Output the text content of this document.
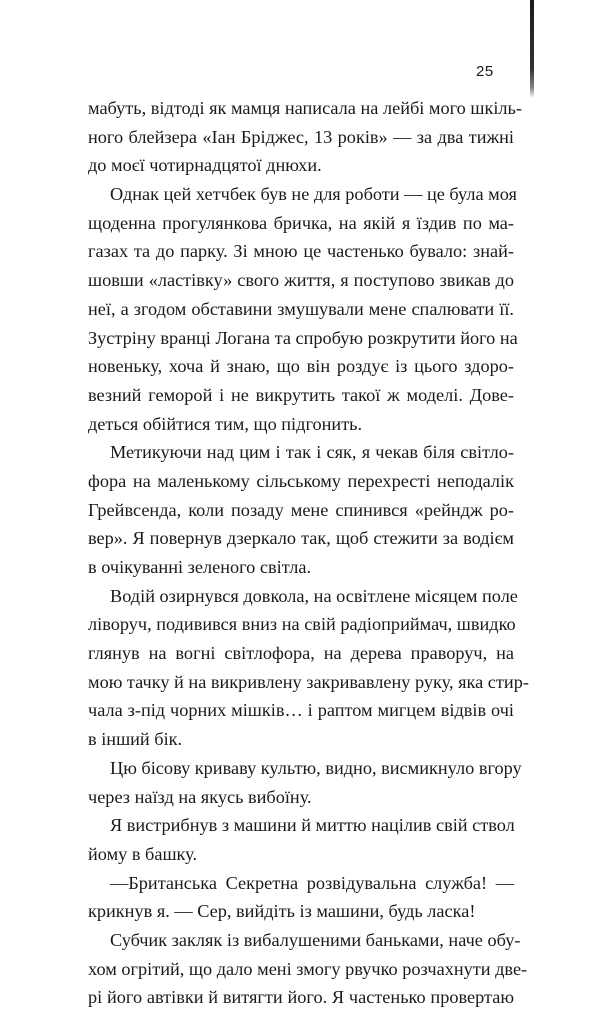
25
мабуть, відтоді як мамця написала на лейбі мого шкіль-
ного блейзера «Іан Бріджес, 13 років» — за два тижні
до моєї чотирнадцятої днюхи.
Однак цей хетчбек був не для роботи — це була моя
щоденна прогулянкова бричка, на якій я їздив по ма-
газах та до парку. Зі мною це частенько бувало: знай-
шовши «ластівку» свого життя, я поступово звикав до
неї, а згодом обставини змушували мене спалювати її.
Зустріну вранці Логана та спробую розкрутити його на
новеньку, хоча й знаю, що він роздує із цього здоро-
везний геморой і не викрутить такої ж моделі. Дове-
деться обійтися тим, що підгонить.
Метикуючи над цим і так і сяк, я чекав біля світло-
фора на маленькому сільському перехресті неподалік
Грейвсенда, коли позаду мене спинився «рейндж ро-
вер». Я повернув дзеркало так, щоб стежити за водієм
в очікуванні зеленого світла.
Водій озирнувся довкола, на освітлене місяцем поле
ліворуч, подивився вниз на свій радіоприймач, швидко
глянув на вогні світлофора, на дерева праворуч, на
мою тачку й на викривлену закривавлену руку, яка стир-
чала з-під чорних мішків… і раптом мигцем відвів очі
в інший бік.
Цю бісову криваву культю, видно, висмикнуло вгору
через наїзд на якусь вибоїну.
Я вистрибнув з машини й миттю націлив свій ствол
йому в башку.
—Британська Секретна розвідувальна служба! —
крикнув я. — Сер, вийдіть із машини, будь ласка!
Субчик закляк із вибалушеними баньками, наче обу-
хом огрітий, що дало мені змогу рвучко розчахнути две-
рі його автівки й витягти його. Я частенько провертаю
